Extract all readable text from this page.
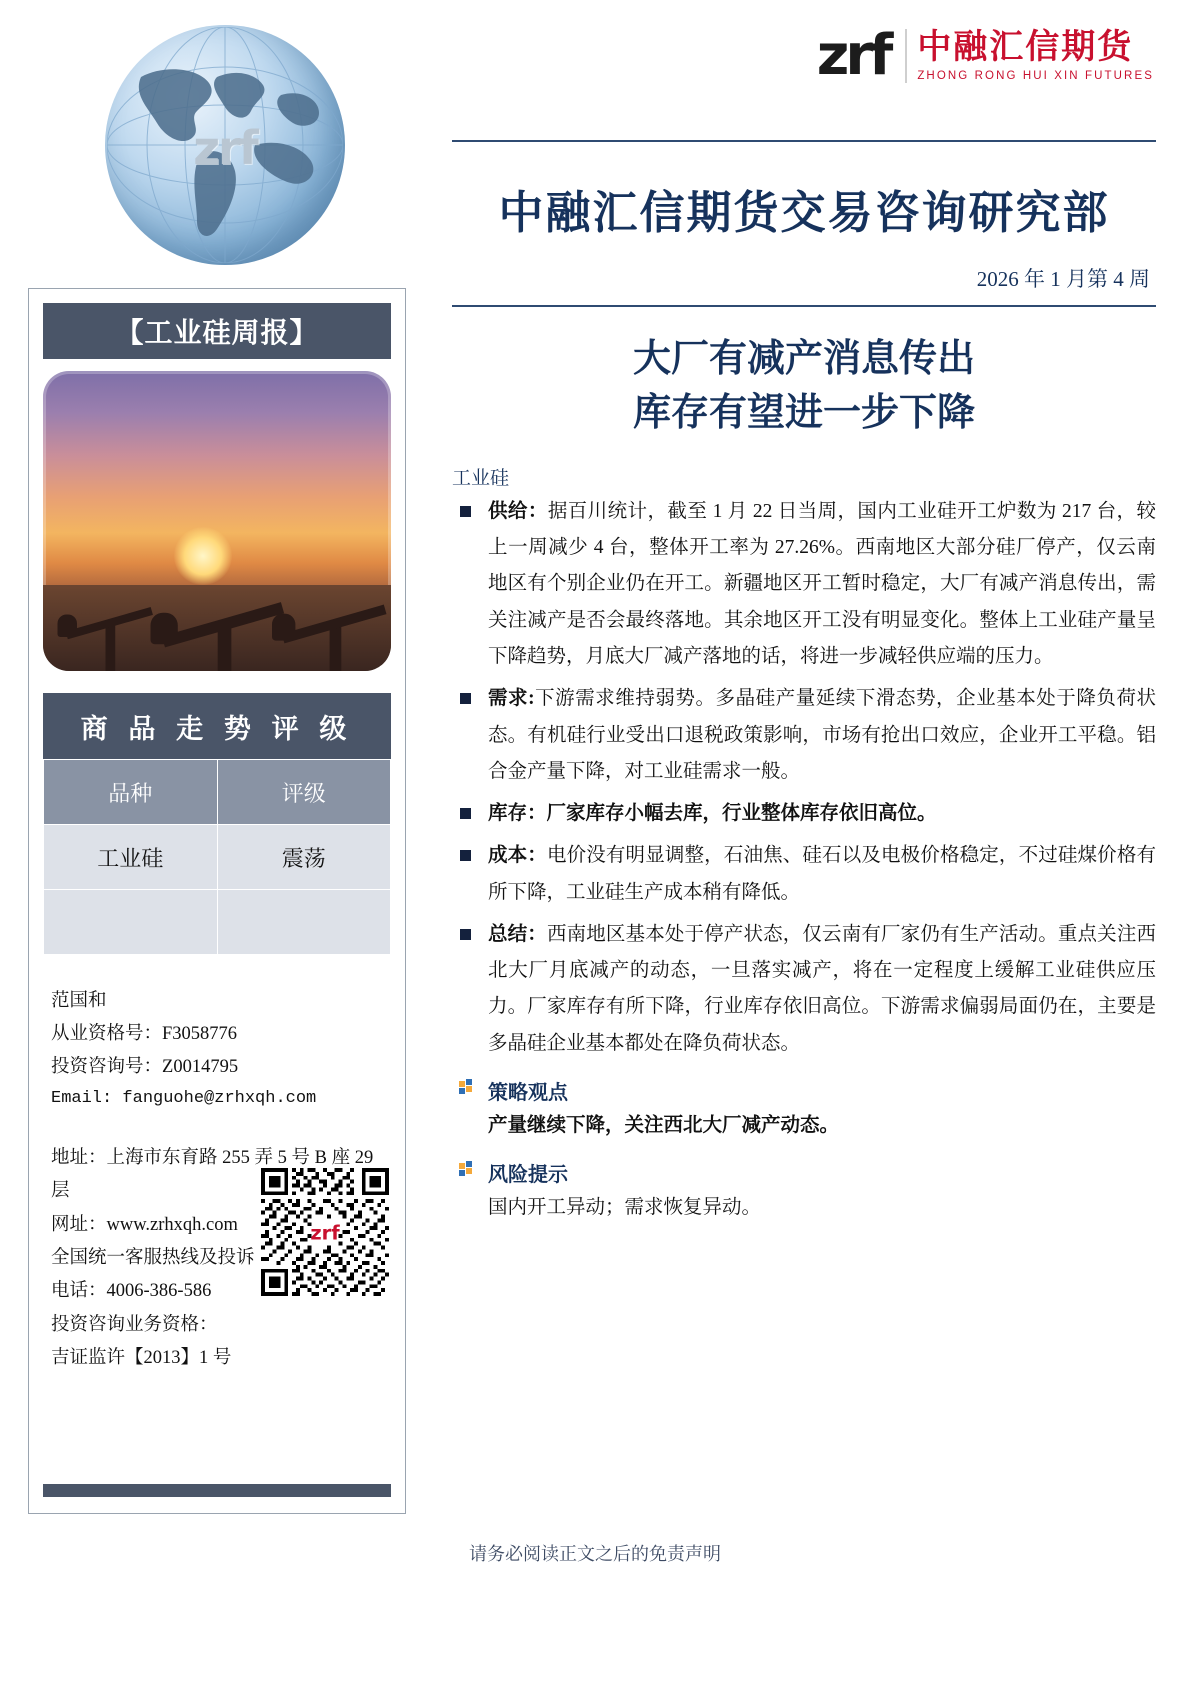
zrf
zrf 中融汇信期货
ZHONG RONG HUI XIN FUTURES
中融汇信期货交易咨询研究部
2026 年 1 月第 4 周
大厂有减产消息传出
库存有望进一步下降
工业硅
供给：据百川统计，截至 1 月 22 日当周，国内工业硅开工炉数为 217 台，较上一周减少 4 台，整体开工率为 27.26%。西南地区大部分硅厂停产，仅云南地区有个别企业仍在开工。新疆地区开工暂时稳定，大厂有减产消息传出，需关注减产是否会最终落地。其余地区开工没有明显变化。整体上工业硅产量呈下降趋势，月底大厂减产落地的话，将进一步减轻供应端的压力。
需求:下游需求维持弱势。多晶硅产量延续下滑态势，企业基本处于降负荷状态。有机硅行业受出口退税政策影响，市场有抢出口效应，企业开工平稳。铝合金产量下降，对工业硅需求一般。
库存：厂家库存小幅去库，行业整体库存依旧高位。
成本：电价没有明显调整，石油焦、硅石以及电极价格稳定，不过硅煤价格有所下降，工业硅生产成本稍有降低。
总结：西南地区基本处于停产状态，仅云南有厂家仍有生产活动。重点关注西北大厂月底减产的动态，一旦落实减产，将在一定程度上缓解工业硅供应压力。厂家库存有所下降，行业库存依旧高位。下游需求偏弱局面仍在，主要是多晶硅企业基本都处在降负荷状态。
策略观点
产量继续下降，关注西北大厂减产动态。
风险提示
国内开工异动；需求恢复异动。
【工业硅周报】
商 品 走 势 评 级
品种	评级
工业硅	震荡

范国和
从业资格号：F3058776
投资咨询号：Z0014795
Email: fanguohe@zrhxqh.com
地址：上海市东育路 255 弄 5 号 B 座 29 层
网址：www.zrhxqh.com
全国统一客服热线及投诉
电话：4006-386-586
投资咨询业务资格：
吉证监许【2013】1 号
zrf
请务必阅读正文之后的免责声明
